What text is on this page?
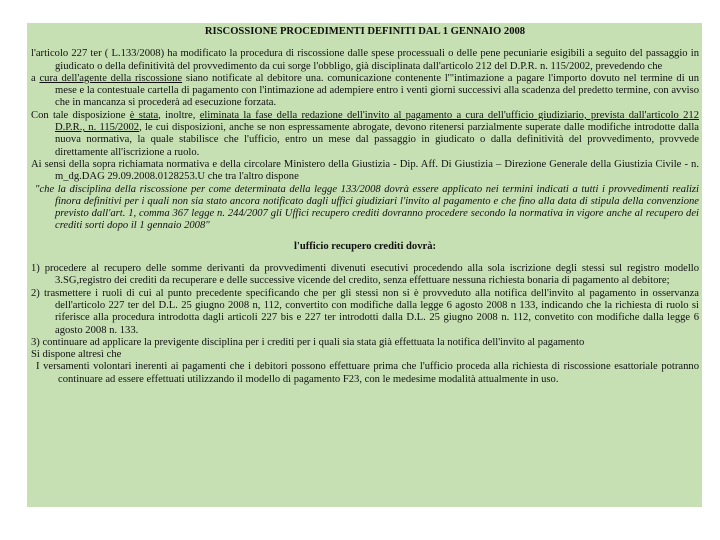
RISCOSSIONE PROCEDIMENTI DEFINITI DAL 1 GENNAIO 2008

l'articolo 227 ter ( L.133/2008) ha modificato la procedura di riscossione dalle spese processuali o delle pene pecuniarie esigibili a seguito del passaggio in giudicato o della definitività del provvedimento da cui sorge l'obbligo, già disciplinata dall'articolo 212 del D.P.R. n. 115/2002, prevedendo che

a cura dell'agente della riscossione siano notificate al debitore una. comunicazione contenente l'"intimazione a pagare l'importo dovuto nel termine di un mese e la contestuale cartella di pagamento con l'intimazione ad adempiere entro i venti giorni successivi alla scadenza del predetto termine, con avviso che in mancanza si procederà ad esecuzione forzata.

Con tale disposizione è stata, inoltre, eliminata la fase della redazione dell'invito al pagamento a cura dell'ufficio giudiziario, prevista dall'articolo 212 D.P.R., n. 115/2002, le cui disposizioni, anche se non espressamente abrogate, devono ritenersi parzialmente superate dalle modifiche introdotte dalla nuova normativa, la quale stabilisce che l'ufficio, entro un mese dal passaggio in giudicato o dalla definitività del provvedimento, provvede direttamente all'iscrizione a ruolo.

Ai sensi della sopra richiamata normativa e della circolare Ministero della Giustizia - Dip. Aff. Di Giustizia – Direzione Generale della Giustizia Civile - n. m_dg.DAG 29.09.2008.0128253.U che tra l'altro dispone

"che la disciplina della riscossione per come determinata della legge 133/2008 dovrà essere applicato nei termini indicati a tutti i provvedimenti realizi finora definitivi per i quali non sia stato ancora notificato dagli uffici giudiziari l'invito al pagamento e che fino alla data di stipula della convenzione previsto dall'art. 1, comma 367 legge n. 244/2007 gli Uffici recupero crediti dovranno procedere secondo la normativa in vigore anche al recupero dei crediti sorti dopo il 1 gennaio 2008"

l'ufficio recupero crediti dovrà:

1) procedere al recupero delle somme derivanti da provvedimenti divenuti esecutivi procedendo alla sola iscrizione degli stessi sul registro modello 3.SG,registro dei crediti da recuperare e delle successive vicende del credito, senza effettuare nessuna richiesta bonaria di pagamento al debitore;

2) trasmettere i ruoli di cui al punto precedente specificando che per gli stessi non si è provveduto alla notifica dell'invito al pagamento in osservanza dell'articolo 227 ter del D.L. 25 giugno 2008 n, 112, convertito con modifiche dalla legge 6 agosto 2008 n 133, indicando che la richiesta di ruolo si riferisce alla procedura introdotta dagli articoli 227 bis e 227 ter introdotti dalla D.L. 25 giugno 2008 n. 112, convetito con modifiche dalla legge 6 agosto 2008 n. 133.

3) continuare ad applicare la previgente disciplina per i crediti per i quali sia stata già effettuata la notifica dell'invito al pagamento

Si dispone altresì che

I versamenti volontari inerenti ai pagamenti che i debitori possono effettuare prima che l'ufficio proceda alla richiesta di riscossione esattoriale potranno continuare ad essere effettuati utilizzando il modello di pagamento F23, con le medesime modalità attualmente in uso.
